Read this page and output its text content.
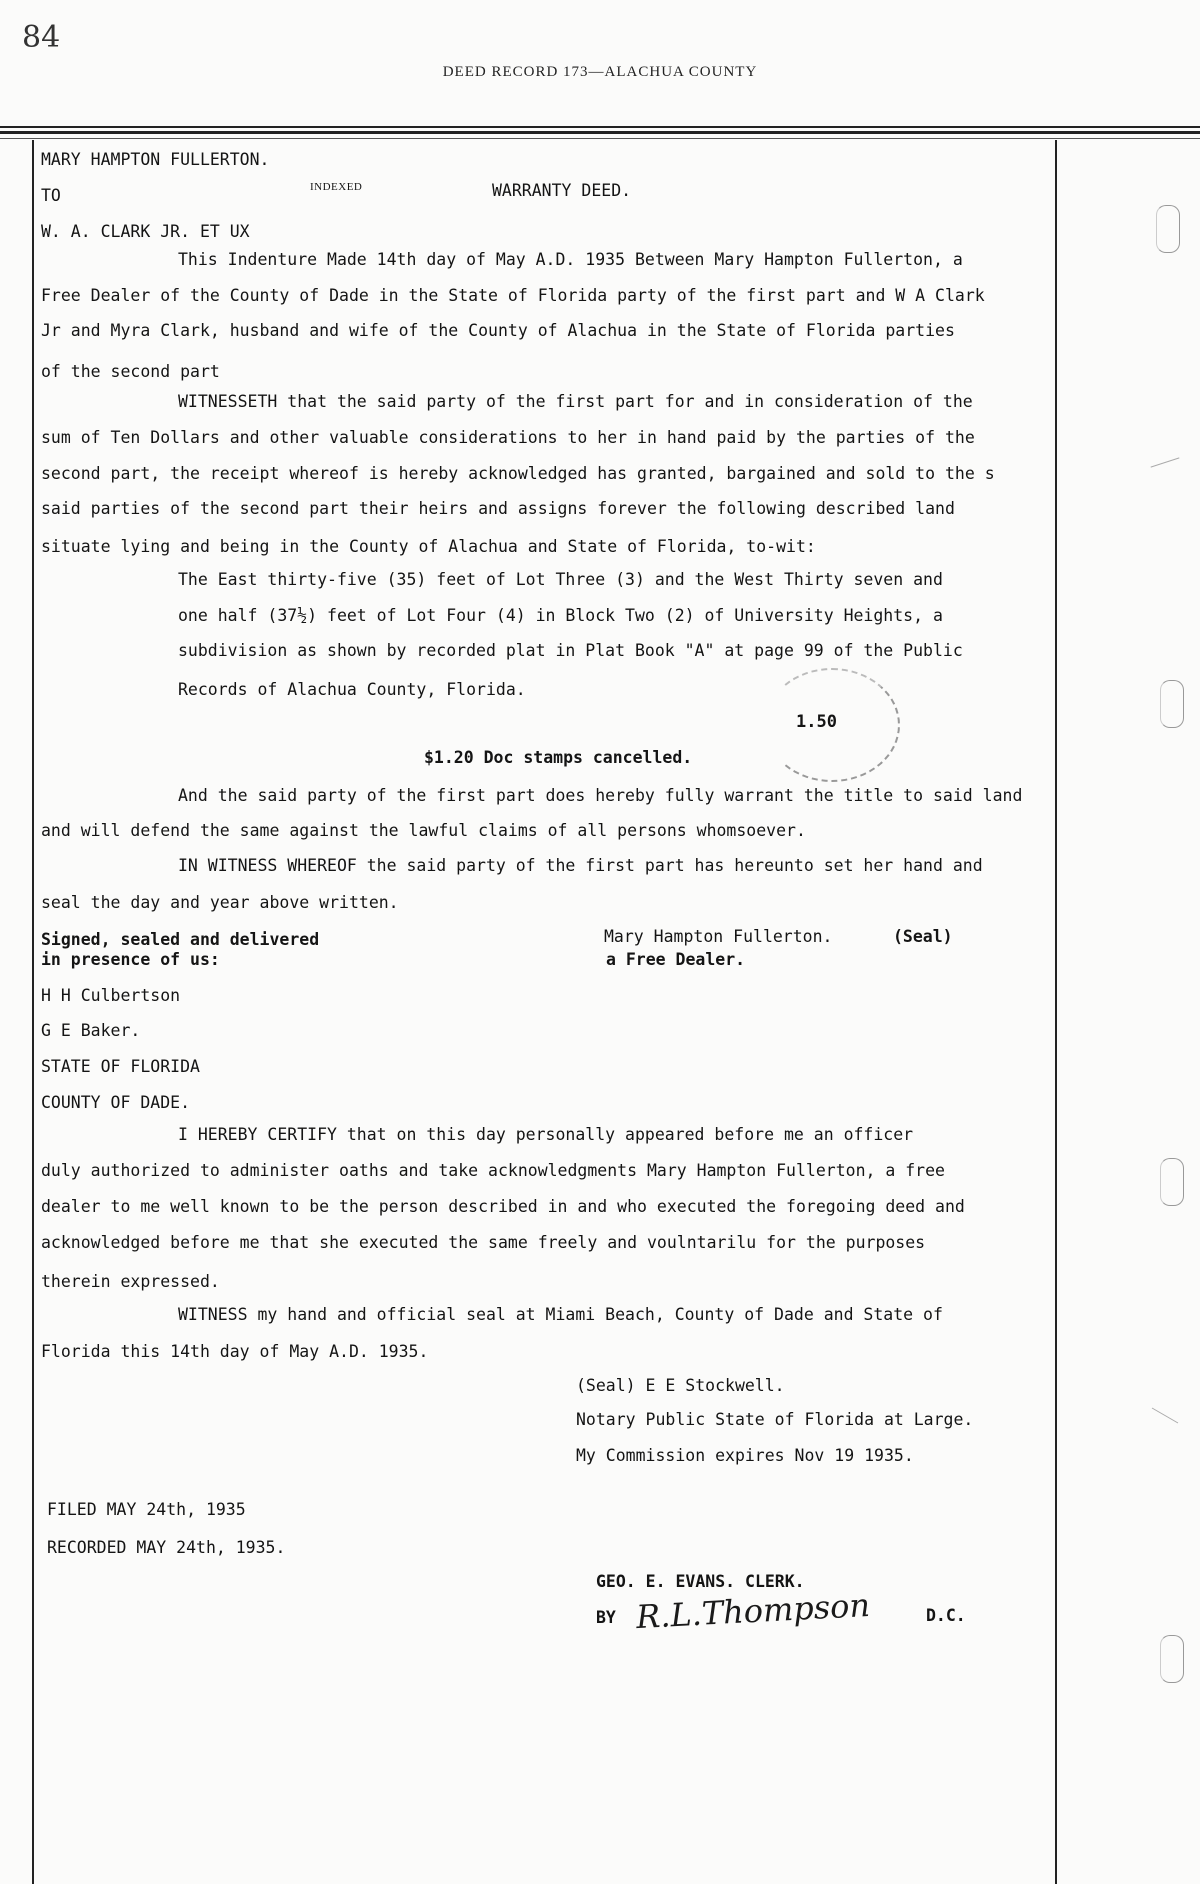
84
DEED RECORD 173—ALACHUA COUNTY
MARY HAMPTON FULLERTON.
TO	INDEXED	WARRANTY DEED.
W. A. CLARK JR. ET UX
This Indenture Made 14th day of May A.D. 1935 Between Mary Hampton Fullerton, a
Free Dealer of the County of Dade in the State of Florida party of the first part and W A Clark
Jr and Myra Clark, husband and wife of the County of Alachua in the State of Florida parties
of the second part
WITNESSETH that the said party of the first part for and in consideration of the
sum of Ten Dollars and other valuable considerations to her in hand paid by the parties of the
second part, the receipt whereof is hereby acknowledged has granted, bargained and sold to the s
said parties of the second part their heirs and assigns forever the following described land
situate lying and being in the County of Alachua and State of Florida, to-wit:
The East thirty-five (35) feet of Lot Three (3) and the West Thirty seven and
one half (37½) feet of Lot Four (4) in Block Two (2) of University Heights, a
subdivision as shown by recorded plat in Plat Book "A" at page 99 of the Public
Records of Alachua County, Florida.
1.50
$1.20 Doc stamps cancelled.
And the said party of the first part does hereby fully warrant the title to said land
and will defend the same against the lawful claims of all persons whomsoever.
IN WITNESS WHEREOF the said party of the first part has hereunto set her hand and
seal the day and year above written.
Signed, sealed and delivered
in presence of us:
Mary Hampton Fullerton.	(Seal)
a Free Dealer.
H H Culbertson
G E Baker.
STATE OF FLORIDA
COUNTY OF DADE.
I HEREBY CERTIFY that on this day personally appeared before me an officer
duly authorized to administer oaths and take acknowledgments Mary Hampton Fullerton, a free
dealer to me well known to be the person described in and who executed the foregoing deed and
acknowledged before me that she executed the same freely and voulntarilu for the purposes
therein expressed.
WITNESS my hand and official seal at Miami Beach, County of Dade and State of
Florida this 14th day of May A.D. 1935.
(Seal) E E Stockwell.
Notary Public State of Florida at Large.
My Commission expires Nov 19 1935.
FILED MAY 24th, 1935
RECORDED MAY 24th, 1935.
GEO. E. EVANS. CLERK.
BY R.L.Thompson	D.C.
